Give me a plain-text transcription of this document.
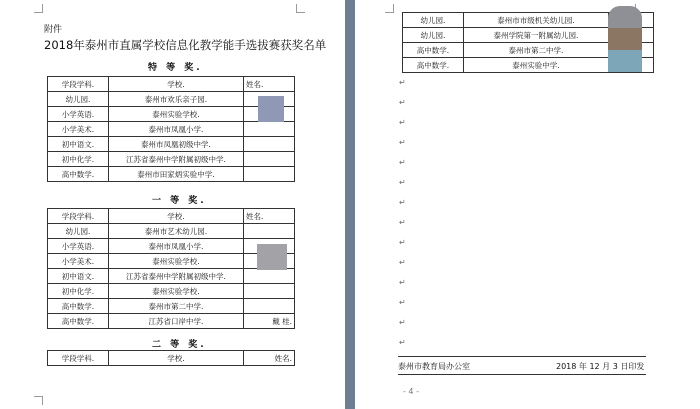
附件
2018年泰州市直属学校信息化教学能手选拔赛获奖名单
特 等 奖.
学段学科.	学校.	姓名.
幼儿园.	泰州市欢乐亲子园.	
小学英语.	泰州实验学校.	
小学美术.	泰州市凤凰小学.	
初中语文.	泰州市凤凰初级中学.	
初中化学.	江苏省泰州中学附属初级中学.	
高中数学.	泰州市田家炳实验中学.	
一 等 奖.
学段学科.	学校.	姓名.
幼儿园.	泰州市艺术幼儿园.	
小学英语.	泰州市凤凰小学.	
小学美术.	泰州实验学校.	
初中语文.	江苏省泰州中学附属初级中学.	
初中化学.	泰州实验学校.	
高中数学.	泰州市第二中学.	
高中数学.	江苏省口岸中学.	戴 桂.
二 等 奖.
学段学科.	学校.	姓名.
幼儿园.	泰州市市级机关幼儿园.	
幼儿园.	泰州学院第一附属幼儿园.	
高中数学.	泰州市第二中学.	
高中数学.	泰州实验中学.	
↵
↵
↵
↵
↵
↵
↵
↵
↵
↵
↵
↵
↵
↵
泰州市教育局办公室	2018 年 12 月 3 日印发
- 4 -
